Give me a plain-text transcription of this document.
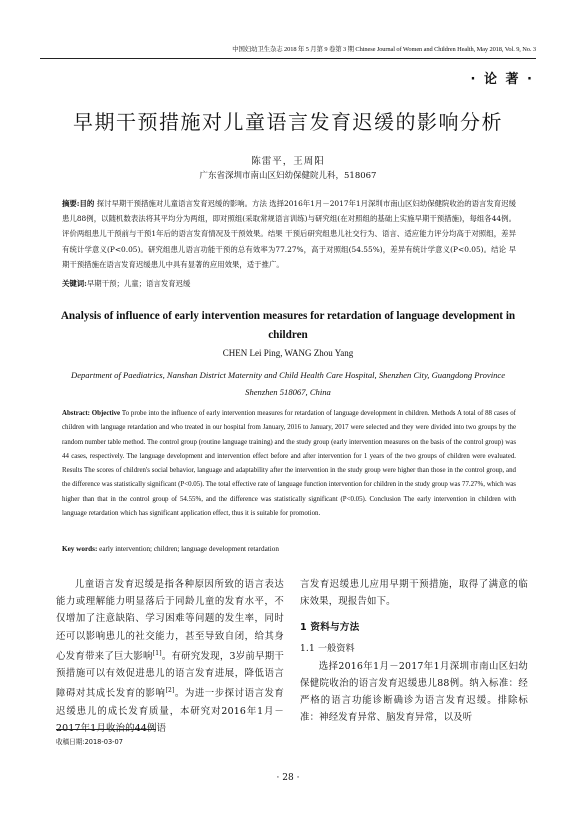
中国妇幼卫生杂志 2018 年 5 月第 9 卷第 3 期 Chinese Journal of Women and Children Health, May 2018, Vol. 9, No. 3
· 论 著 ·
早期干预措施对儿童语言发育迟缓的影响分析
陈雷平，王周阳
广东省深圳市南山区妇幼保健院儿科，518067
摘要:目的 探讨早期干预措施对儿童语言发育迟缓的影响。方法 选择2016年1月－2017年1月深圳市南山区妇幼保健院收治的语言发育迟缓患儿88例，以随机数表法将其平均分为两组，即对照组(采取常规语言训练)与研究组(在对照组的基础上实施早期干预措施)，每组各44例。评价两组患儿干预前与干预1年后的语言发育情况及干预效果。结果 干预后研究组患儿社交行为、语言、适应能力评分均高于对照组，差异有统计学意义(P<0.05)。研究组患儿语言功能干预的总有效率为77.27%，高于对照组(54.55%)，差异有统计学意义(P<0.05)。结论 早期干预措施在语言发育迟缓患儿中具有显著的应用效果，适于推广。
关键词:早期干预；儿童；语言发育迟缓
Analysis of influence of early intervention measures for retardation of language development in children
CHEN Lei Ping, WANG Zhou Yang
Department of Paediatrics, Nanshan District Maternity and Child Health Care Hospital, Shenzhen City, Guangdong Province Shenzhen 518067, China
Abstract: Objective To probe into the influence of early intervention measures for retardation of language development in children. Methods A total of 88 cases of children with language retardation and who treated in our hospital from January, 2016 to January, 2017 were selected and they were divided into two groups by the random number table method. The control group (routine language training) and the study group (early intervention measures on the basis of the control group) was 44 cases, respectively. The language development and intervention effect before and after intervention for 1 years of the two groups of children were evaluated. Results The scores of children's social behavior, language and adaptability after the intervention in the study group were higher than those in the control group, and the difference was statistically significant (P<0.05). The total effective rate of language function intervention for children in the study group was 77.27%, which was higher than that in the control group of 54.55%, and the difference was statistically significant (P<0.05). Conclusion The early intervention in children with language retardation which has significant application effect, thus it is suitable for promotion.
Key words: early intervention; children; language development retardation

儿童语言发育迟缓是指各种原因所致的语言表达能力或理解能力明显落后于同龄儿童的发育水平，不仅增加了注意缺陷、学习困难等问题的发生率，同时还可以影响患儿的社交能力，甚至导致自闭，给其身心发育带来了巨大影响[1]。有研究发现，3岁前早期干预措施可以有效促进患儿的语言发育进展，降低语言障碍对其成长发育的影响[2]。为进一步探讨语言发育迟缓患儿的成长发育质量，本研究对2016年1月－2017年1月收治的44例语

言发育迟缓患儿应用早期干预措施，取得了满意的临床效果，现报告如下。

1 资料与方法

1.1 一般资料

选择2016年1月－2017年1月深圳市南山区妇幼保健院收治的语言发育迟缓患儿88例。纳入标准：经严格的语言功能诊断确诊为语言发育迟缓。排除标准：神经发育异常、脑发育异常，以及听

收稿日期:2018-03-07
· 28 ·
